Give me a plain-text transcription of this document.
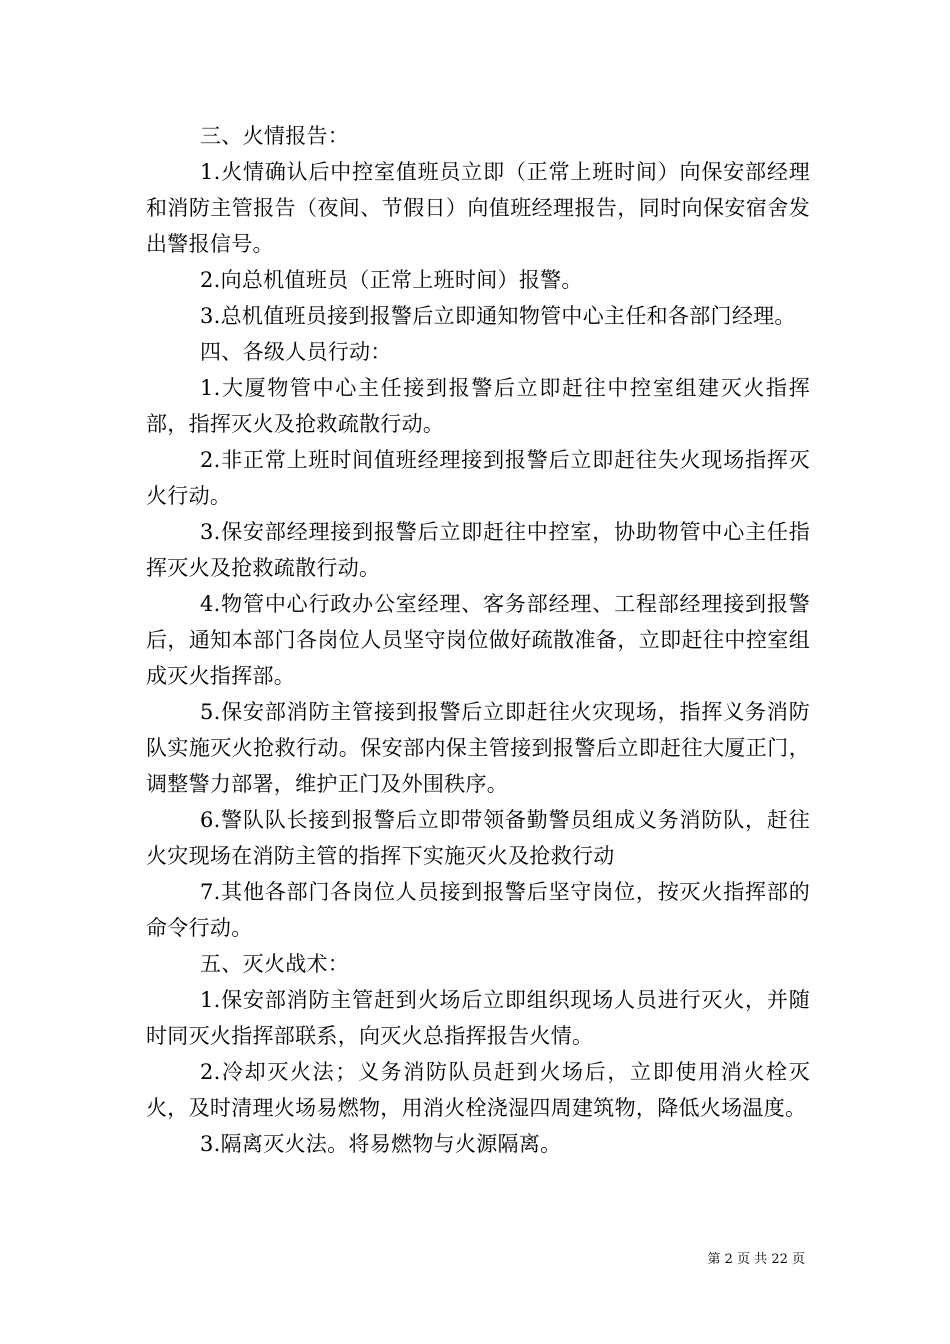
三、火情报告：

1.火情确认后中控室值班员立即（正常上班时间）向保安部经理和消防主管报告（夜间、节假日）向值班经理报告，同时向保安宿舍发出警报信号。

2.向总机值班员（正常上班时间）报警。

3.总机值班员接到报警后立即通知物管中心主任和各部门经理。

四、各级人员行动：

1.大厦物管中心主任接到报警后立即赶往中控室组建灭火指挥部，指挥灭火及抢救疏散行动。

2.非正常上班时间值班经理接到报警后立即赶往失火现场指挥灭火行动。

3.保安部经理接到报警后立即赶往中控室，协助物管中心主任指挥灭火及抢救疏散行动。

4.物管中心行政办公室经理、客务部经理、工程部经理接到报警后，通知本部门各岗位人员坚守岗位做好疏散准备，立即赶往中控室组成灭火指挥部。

5.保安部消防主管接到报警后立即赶往火灾现场，指挥义务消防队实施灭火抢救行动。保安部内保主管接到报警后立即赶往大厦正门，调整警力部署，维护正门及外围秩序。

6.警队队长接到报警后立即带领备勤警员组成义务消防队，赶往火灾现场在消防主管的指挥下实施灭火及抢救行动

7.其他各部门各岗位人员接到报警后坚守岗位，按灭火指挥部的命令行动。

五、灭火战术：

1.保安部消防主管赶到火场后立即组织现场人员进行灭火，并随时同灭火指挥部联系，向灭火总指挥报告火情。

2.冷却灭火法；义务消防队员赶到火场后，立即使用消火栓灭火，及时清理火场易燃物，用消火栓浇湿四周建筑物，降低火场温度。

3.隔离灭火法。将易燃物与火源隔离。

第 2 页 共 22 页
